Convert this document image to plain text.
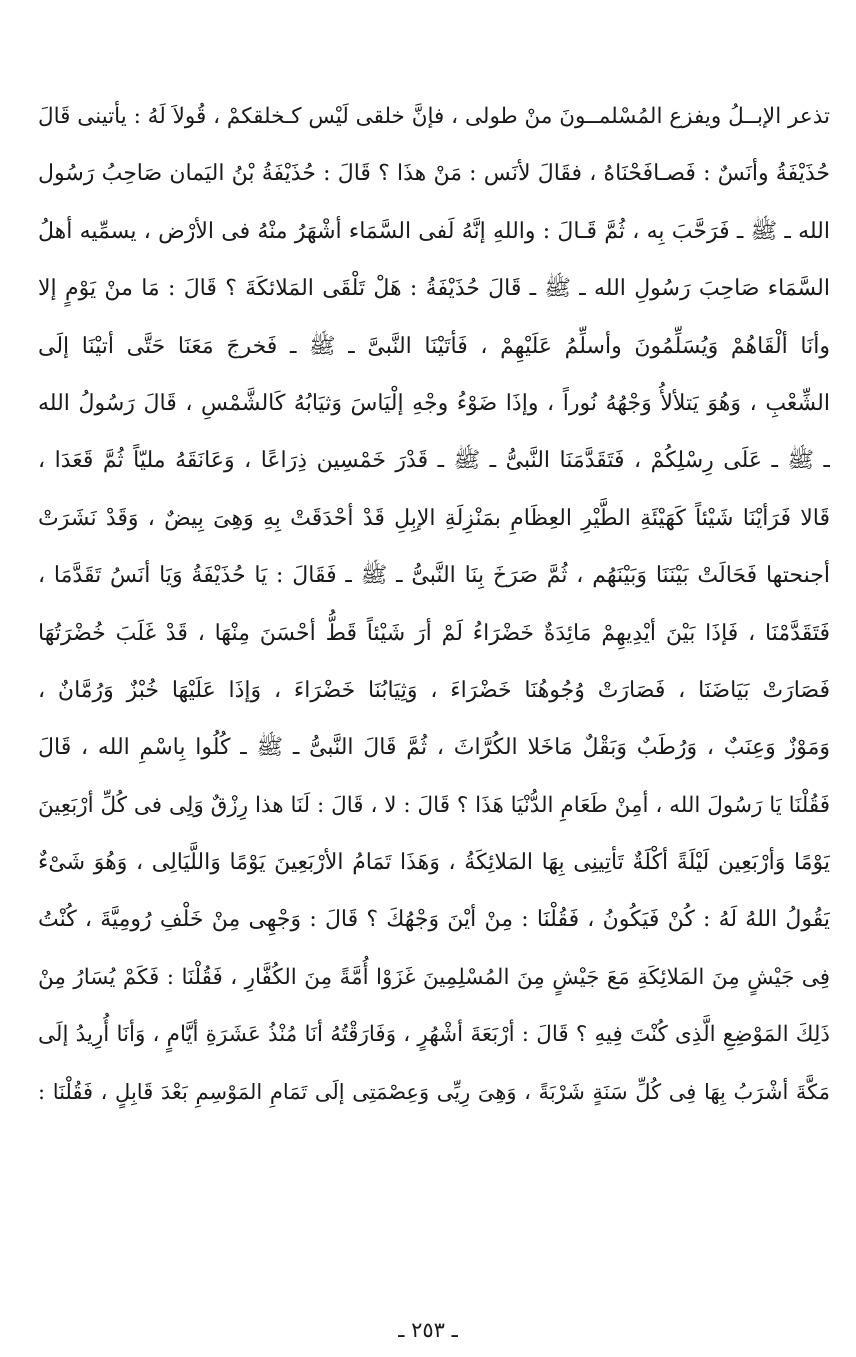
تذعر الإبــلُ ويفزع المُسْلمــونَ منْ طولى ، فإنَّ خلقى لَيْس كـخلقكمْ ، قُولاَ لَهُ : يأتينى قَالَ
حُذَيْفَةُ وأنَسٌ : فَصـافَحْنَاهُ ، فقَالَ لأنَس : مَنْ هذَا ؟ قَالَ : حُذَيْفَةُ بْنُ اليَمان صَاحِبُ رَسُول
الله ـ ﷺ ـ فَرَحَّبَ بِه ، ثُمَّ قَـالَ : واللهِ إنَّهُ لَفى السَّمَاء أشْهَرُ منْهُ فى الأرْض ، يسمِّيه أهلُ
السَّمَاء صَاحِبَ رَسُولِ الله ـ ﷺ ـ قَالَ حُذَيْفَةُ : هَلْ تَلْقَى المَلائكَةَ ؟ قَالَ : مَا منْ يَوْمٍ إلا
وأنَا ألْقَاهُمْ وَيُسَلِّمُونَ وأسلِّمُ عَلَيْهِمْ ، فَأتَيْنَا النَّبىَّ ـ ﷺ ـ فَخرجَ مَعَنَا حَتَّى أتيْنَا إلَى
الشِّعْبِ ، وَهُوَ يَتلألأُ وَجْهُهُ نُوراً ، وإذَا ضَوْءُ وجْهِ إلْيَاسَ وَثيَابُهُ كَالشَّمْسِ ، قَالَ رَسُولُ الله
ـ ﷺ ـ عَلَى رِسْلِكُمْ ، فَتَقَدَّمَنَا النَّبىُّ ـ ﷺ ـ قَدْرَ خَمْسِين ذِرَاعًا ، وَعَانَقَهُ مليّاً ثُمَّ قَعَدَا ،
قَالا فَرَأيْنَا شَيْئاً كَهَيْئَةِ الطَّيْرِ العِظَامِ بمَنْزِلَةِ الإبِلِ قَدْ أحْدَقَتْ بِهِ وَهِىَ بِيضٌ ، وَقَدْ نَشَرَتْ
أجنحتها فَحَالَتْ بَيْنَنَا وَبَيْنَهُم ، ثُمَّ صَرَخَ بِنَا النَّبىُّ ـ ﷺ ـ فَقَالَ : يَا حُذَيْفَةُ وَيَا أنَسُ تَقَدَّمَا ،
فَتَقَدَّمْنَا ، فَإذَا بَيْنَ أيْدِيهِمْ مَائِدَةٌ خَضْرَاءُ لَمْ أرَ شَيْئاً قَطُّ أحْسَنَ مِنْهَا ، قَدْ غَلَبَ خُضْرَتُهَا
فَصَارَتْ بَيَاضَنَا ، فَصَارَتْ وُجُوهُنَا خَضْرَاءَ ، وَثِيَابُنَا خَضْرَاءَ ، وَإذَا عَلَيْهَا خُبْزٌ وَرُمَّانٌ ،
وَمَوْزٌ وَعِنَبٌ ، وَرُطَبٌ وَبَقْلٌ مَاخَلا الكُرَّاثَ ، ثُمَّ قَالَ النَّبىُّ ـ ﷺ ـ كُلُوا بِاسْمِ الله ، قَالَ
فَقُلْنَا يَا رَسُولَ الله ، أمِنْ طَعَامِ الدُّنْيَا هَذَا ؟ قَالَ : لا ، قَالَ : لَنَا هذا رِزْقٌ وَلِى فى كُلِّ أرْبَعِينَ
يَوْمًا وَأرْبَعِين لَيْلَةً أكْلَةٌ تَأتِينِى بِهَا المَلائِكَةُ ، وَهَذَا تَمَامُ الأرْبَعِينَ يَوْمًا وَاللَّيَالِى ، وَهُوَ شَىْءٌ
يَقُولُ اللهُ لَهُ : كُنْ فَيَكُونُ ، فَقُلْنَا : مِنْ أيْنَ وَجْهُكَ ؟ قَالَ : وَجْهِى مِنْ خَلْفِ رُومِيَّةَ ، كُنْتُ
فِى جَيْشٍ مِنَ المَلائِكَةِ مَعَ جَيْشٍ مِنَ المُسْلِمِينَ غَزَوْا أُمَّةً مِنَ الكُفَّارِ ، فَقُلْنَا : فَكَمْ يُسَارُ مِنْ
ذَلِكَ المَوْضِعِ الَّذِى كُنْتَ فِيهِ ؟ قَالَ : أرْبَعَةَ أشْهُرٍ ، وَفَارَقْتُهُ أنَا مُنْذُ عَشَرَةِ أيَّامٍ ، وَأنَا أُرِيدُ إلَى
مَكَّةَ أشْرَبُ بِهَا فِى كُلِّ سَنَةٍ شَرْبَةً ، وَهِىَ رِيِّى وَعِصْمَتِى إلَى تَمَامِ المَوْسِمِ بَعْدَ قَابِلٍ ، فَقُلْنَا :
ـ ٢٥٣ ـ
